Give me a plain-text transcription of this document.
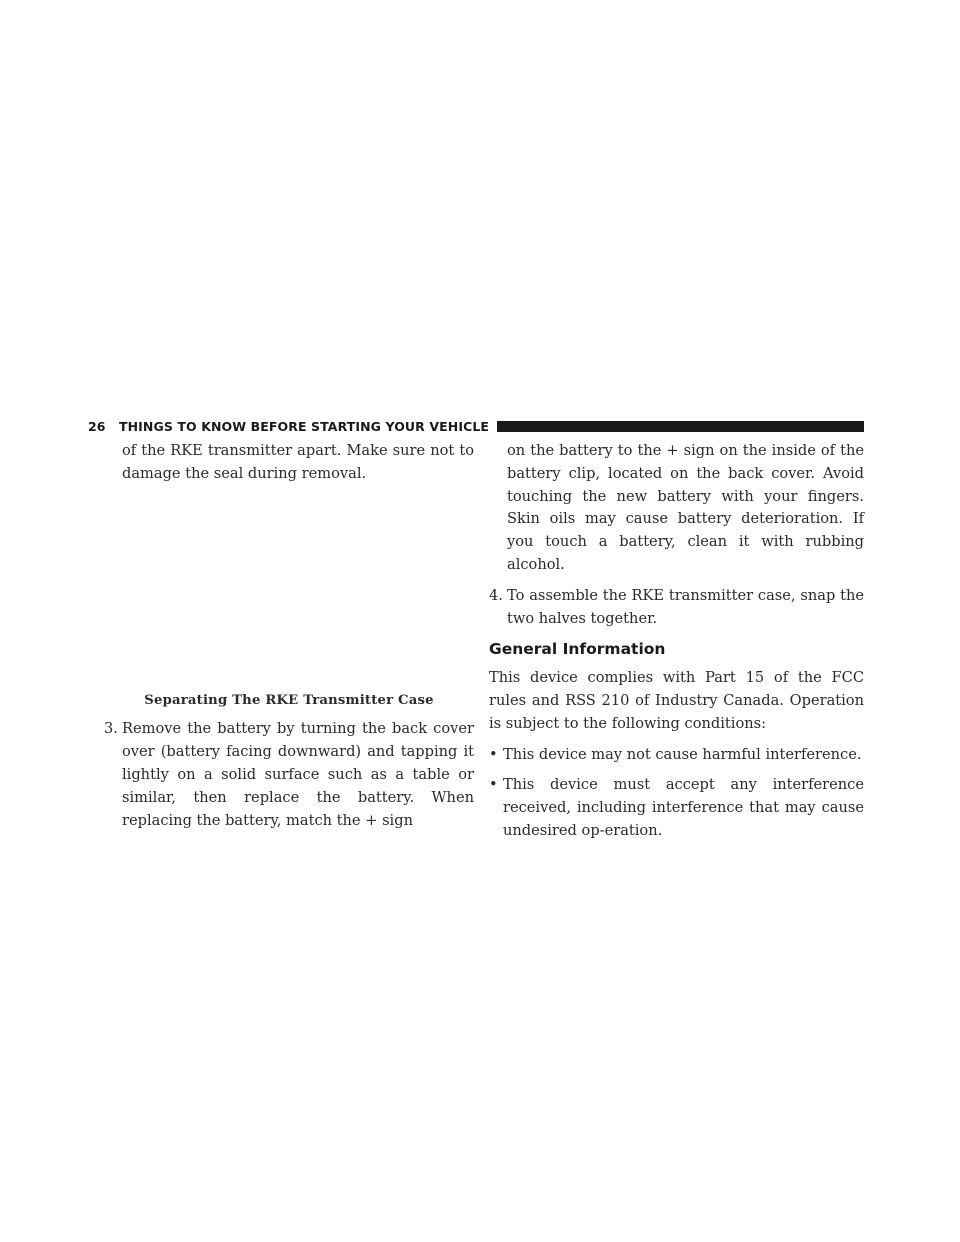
26 THINGS TO KNOW BEFORE STARTING YOUR VEHICLE

of the RKE transmitter apart. Make sure not to damage the seal during removal.

Separating The RKE Transmitter Case

3. Remove the battery by turning the back cover over (battery facing downward) and tapping it lightly on a solid surface such as a table or similar, then replace the battery. When replacing the battery, match the + sign

on the battery to the + sign on the inside of the battery clip, located on the back cover. Avoid touching the new battery with your fingers. Skin oils may cause battery deterioration. If you touch a battery, clean it with rubbing alcohol.

4. To assemble the RKE transmitter case, snap the two halves together.
General Information

This device complies with Part 15 of the FCC rules and RSS 210 of Industry Canada. Operation is subject to the following conditions:

• This device may not cause harmful interference.
• This device must accept any interference received, including interference that may cause undesired op-eration.
